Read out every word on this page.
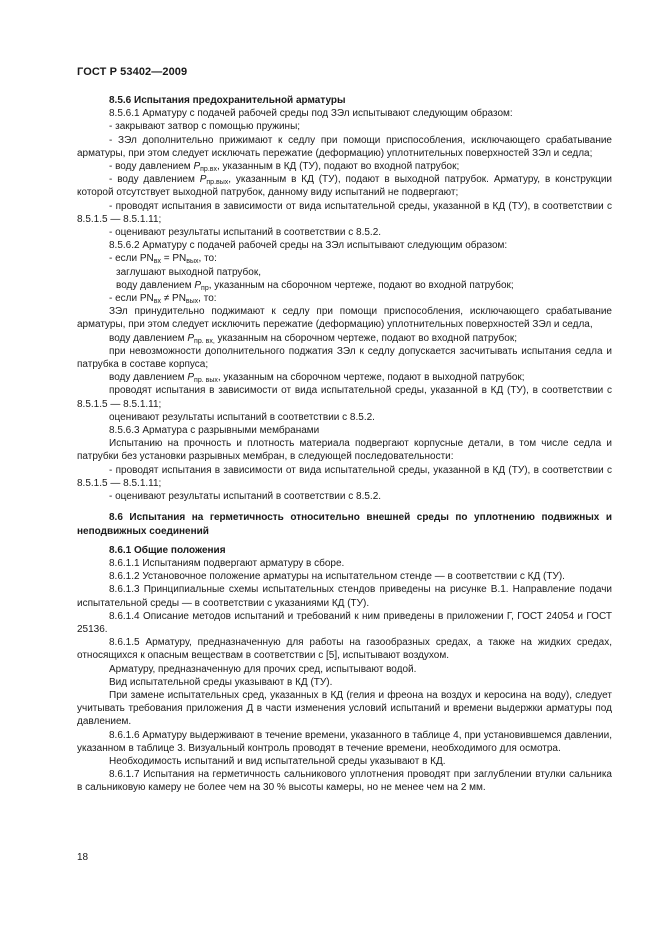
ГОСТ Р 53402—2009

8.5.6 Испытания предохранительной арматуры

8.5.6.1 Арматуру с подачей рабочей среды под ЗЭл испытывают следующим образом:

- закрывают затвор с помощью пружины;

- ЗЭл дополнительно прижимают к седлу при помощи приспособления, исключающего срабатывание арматуры, при этом следует исключать пережатие (деформацию) уплотнительных поверхностей ЗЭл и седла;

- воду давлением $P_{пр.вх}$, указанным в КД (ТУ), подают во входной патрубок;

- воду давлением $P_{пр.вых}$, указанным в КД (ТУ), подают в выходной патрубок. Арматуру, в конструкции которой отсутствует выходной патрубок, данному виду испытаний не подвергают;

- проводят испытания в зависимости от вида испытательной среды, указанной в КД (ТУ), в соответствии с 8.5.1.5 — 8.5.1.11;

- оценивают результаты испытаний в соответствии с 8.5.2.

8.5.6.2 Арматуру с подачей рабочей среды на ЗЭл испытывают следующим образом:

- если $PN_{вх} = PN_{вых}$, то:

заглушают выходной патрубок,

воду давлением $P_{пр}$, указанным на сборочном чертеже, подают во входной патрубок;

- если $PN_{вх} \ne PN_{вых}$, то:

ЗЭл принудительно поджимают к седлу при помощи приспособления, исключающего срабатывание арматуры, при этом следует исключить пережатие (деформацию) уплотнительных поверхностей ЗЭл и седла,

воду давлением $P_{пр. вх,}$ указанным на сборочном чертеже, подают во входной патрубок;

при невозможности дополнительного поджатия ЗЭл к седлу допускается засчитывать испытания седла и патрубка в составе корпуса;

воду давлением $P_{пр. вых}$, указанным на сборочном чертеже, подают в выходной патрубок;

проводят испытания в зависимости от вида испытательной среды, указанной в КД (ТУ), в соответствии с 8.5.1.5 — 8.5.1.11;

оценивают результаты испытаний в соответствии с 8.5.2.

8.5.6.3 Арматура с разрывными мембранами

Испытанию на прочность и плотность материала подвергают корпусные детали, в том числе седла и патрубки без установки разрывных мембран, в следующей последовательности:

- проводят испытания в зависимости от вида испытательной среды, указанной в КД (ТУ), в соответствии с 8.5.1.5 — 8.5.1.11;

- оценивают результаты испытаний в соответствии с 8.5.2.

8.6 Испытания на герметичность относительно внешней среды по уплотнению подвижных и неподвижных соединений

8.6.1 Общие положения

8.6.1.1 Испытаниям подвергают арматуру в сборе.

8.6.1.2 Установочное положение арматуры на испытательном стенде — в соответствии с КД (ТУ).

8.6.1.3 Принципиальные схемы испытательных стендов приведены на рисунке В.1. Направление подачи испытательной среды — в соответствии с указаниями КД (ТУ).

8.6.1.4 Описание методов испытаний и требований к ним приведены в приложении Г, ГОСТ 24054 и ГОСТ 25136.

8.6.1.5 Арматуру, предназначенную для работы на газообразных средах, а также на жидких средах, относящихся к опасным веществам в соответствии с [5], испытывают воздухом.

Арматуру, предназначенную для прочих сред, испытывают водой.

Вид испытательной среды указывают в КД (ТУ).

При замене испытательных сред, указанных в КД (гелия и фреона на воздух и керосина на воду), следует учитывать требования приложения Д в части изменения условий испытаний и времени выдержки арматуры под давлением.

8.6.1.6 Арматуру выдерживают в течение времени, указанного в таблице 4, при установившемся давлении, указанном в таблице 3. Визуальный контроль проводят в течение времени, необходимого для осмотра.

Необходимость испытаний и вид испытательной среды указывают в КД.

8.6.1.7 Испытания на герметичность сальникового уплотнения проводят при заглублении втулки сальника в сальниковую камеру не более чем на 30 % высоты камеры, но не менее чем на 2 мм.

18
